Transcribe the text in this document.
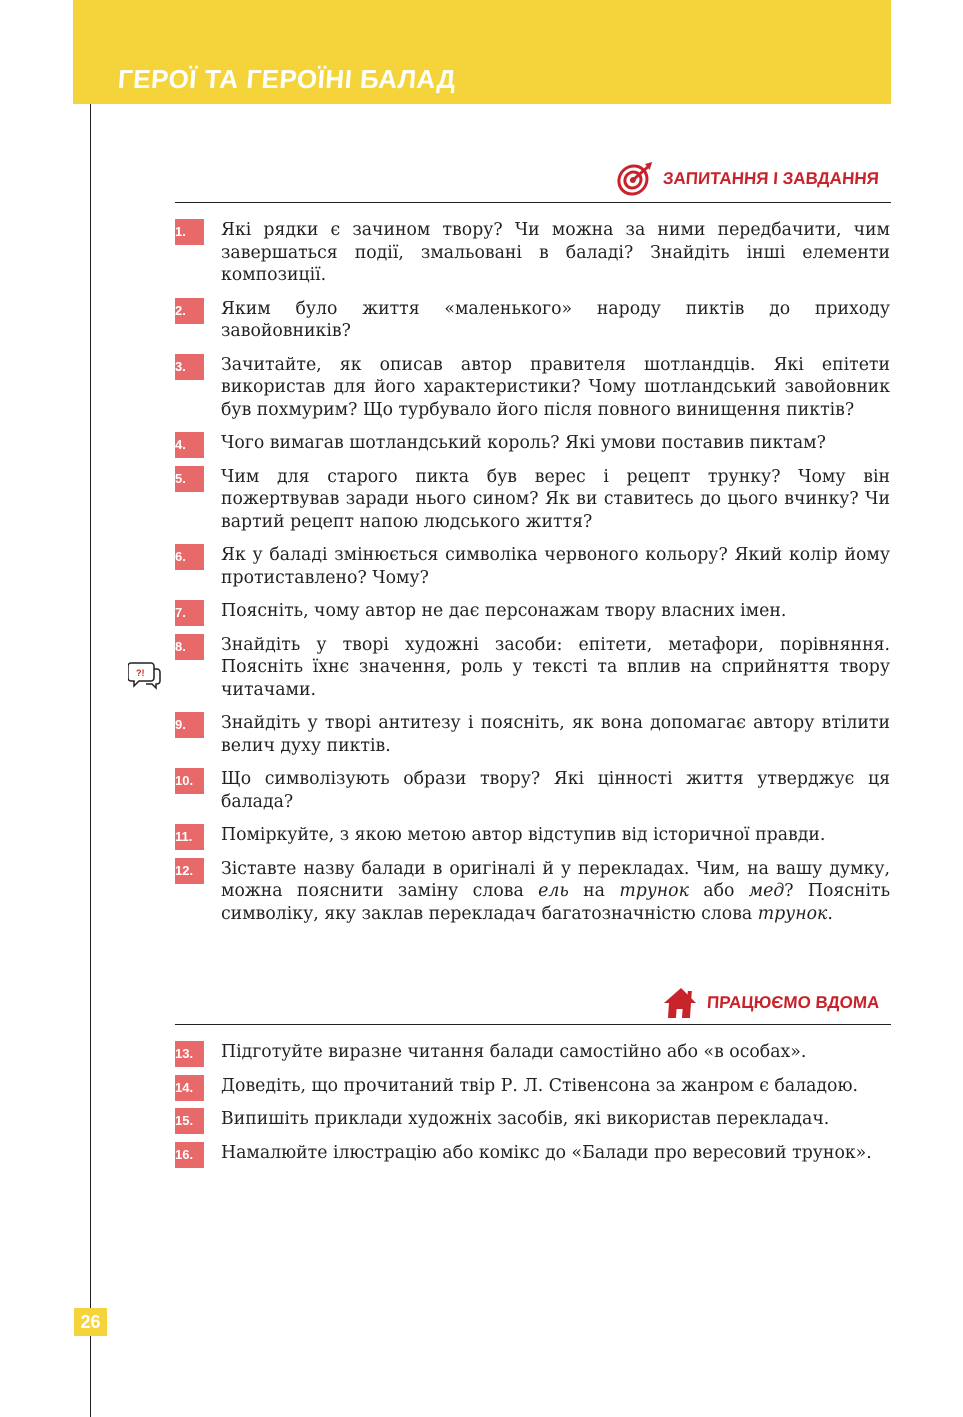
ГЕРОЇ ТА ГЕРОЇНІ БАЛАД
ЗАПИТАННЯ І ЗАВДАННЯ
?!
1.	Які рядки є зачином твору? Чи можна за ними передбачити, чим завершаться події, змальовані в баладі? Знайдіть інші елементи композиції.
2.	Яким було життя «маленького» народу пиктів до приходу завойовників?
3.	Зачитайте, як описав автор правителя шотландців. Які епітети використав для його характеристики? Чому шотландський завойовник був похмурим? Що турбувало його після повного винищення пиктів?
4.	Чого вимагав шотландський король? Які умови поставив пиктам?
5.	Чим для старого пикта був верес і рецепт трунку? Чому він пожертвував заради нього сином? Як ви ставитесь до цього вчинку? Чи вартий рецепт напою людського життя?
6.	Як у баладі змінюється символіка червоного кольору? Який колір йому протиставлено? Чому?
7.	Поясніть, чому автор не дає персонажам твору власних імен.
8.	Знайдіть у творі художні засоби: епітети, метафори, порівняння. Поясніть їхнє значення, роль у тексті та вплив на сприйняття твору читачами.
9.	Знайдіть у творі антитезу і поясніть, як вона допомагає автору втілити велич духу пиктів.
10.	Що символізують образи твору? Які цінності життя утверджує ця балада?
11.	Поміркуйте, з якою метою автор відступив від історичної правди.
12.	Зіставте назву балади в оригіналі й у перекладах. Чим, на вашу думку, можна пояснити заміну слова ель на трунок або мед? Поясніть символіку, яку заклав перекладач багатозначністю слова трунок.
ПРАЦЮЄМО ВДОМА
13.	Підготуйте виразне читання балади самостійно або «в особах».
14.	Доведіть, що прочитаний твір Р. Л. Стівенсона за жанром є баладою.
15.	Випишіть приклади художніх засобів, які використав перекладач.
16.	Намалюйте ілюстрацію або комікс до «Балади про вересовий трунок».
26
